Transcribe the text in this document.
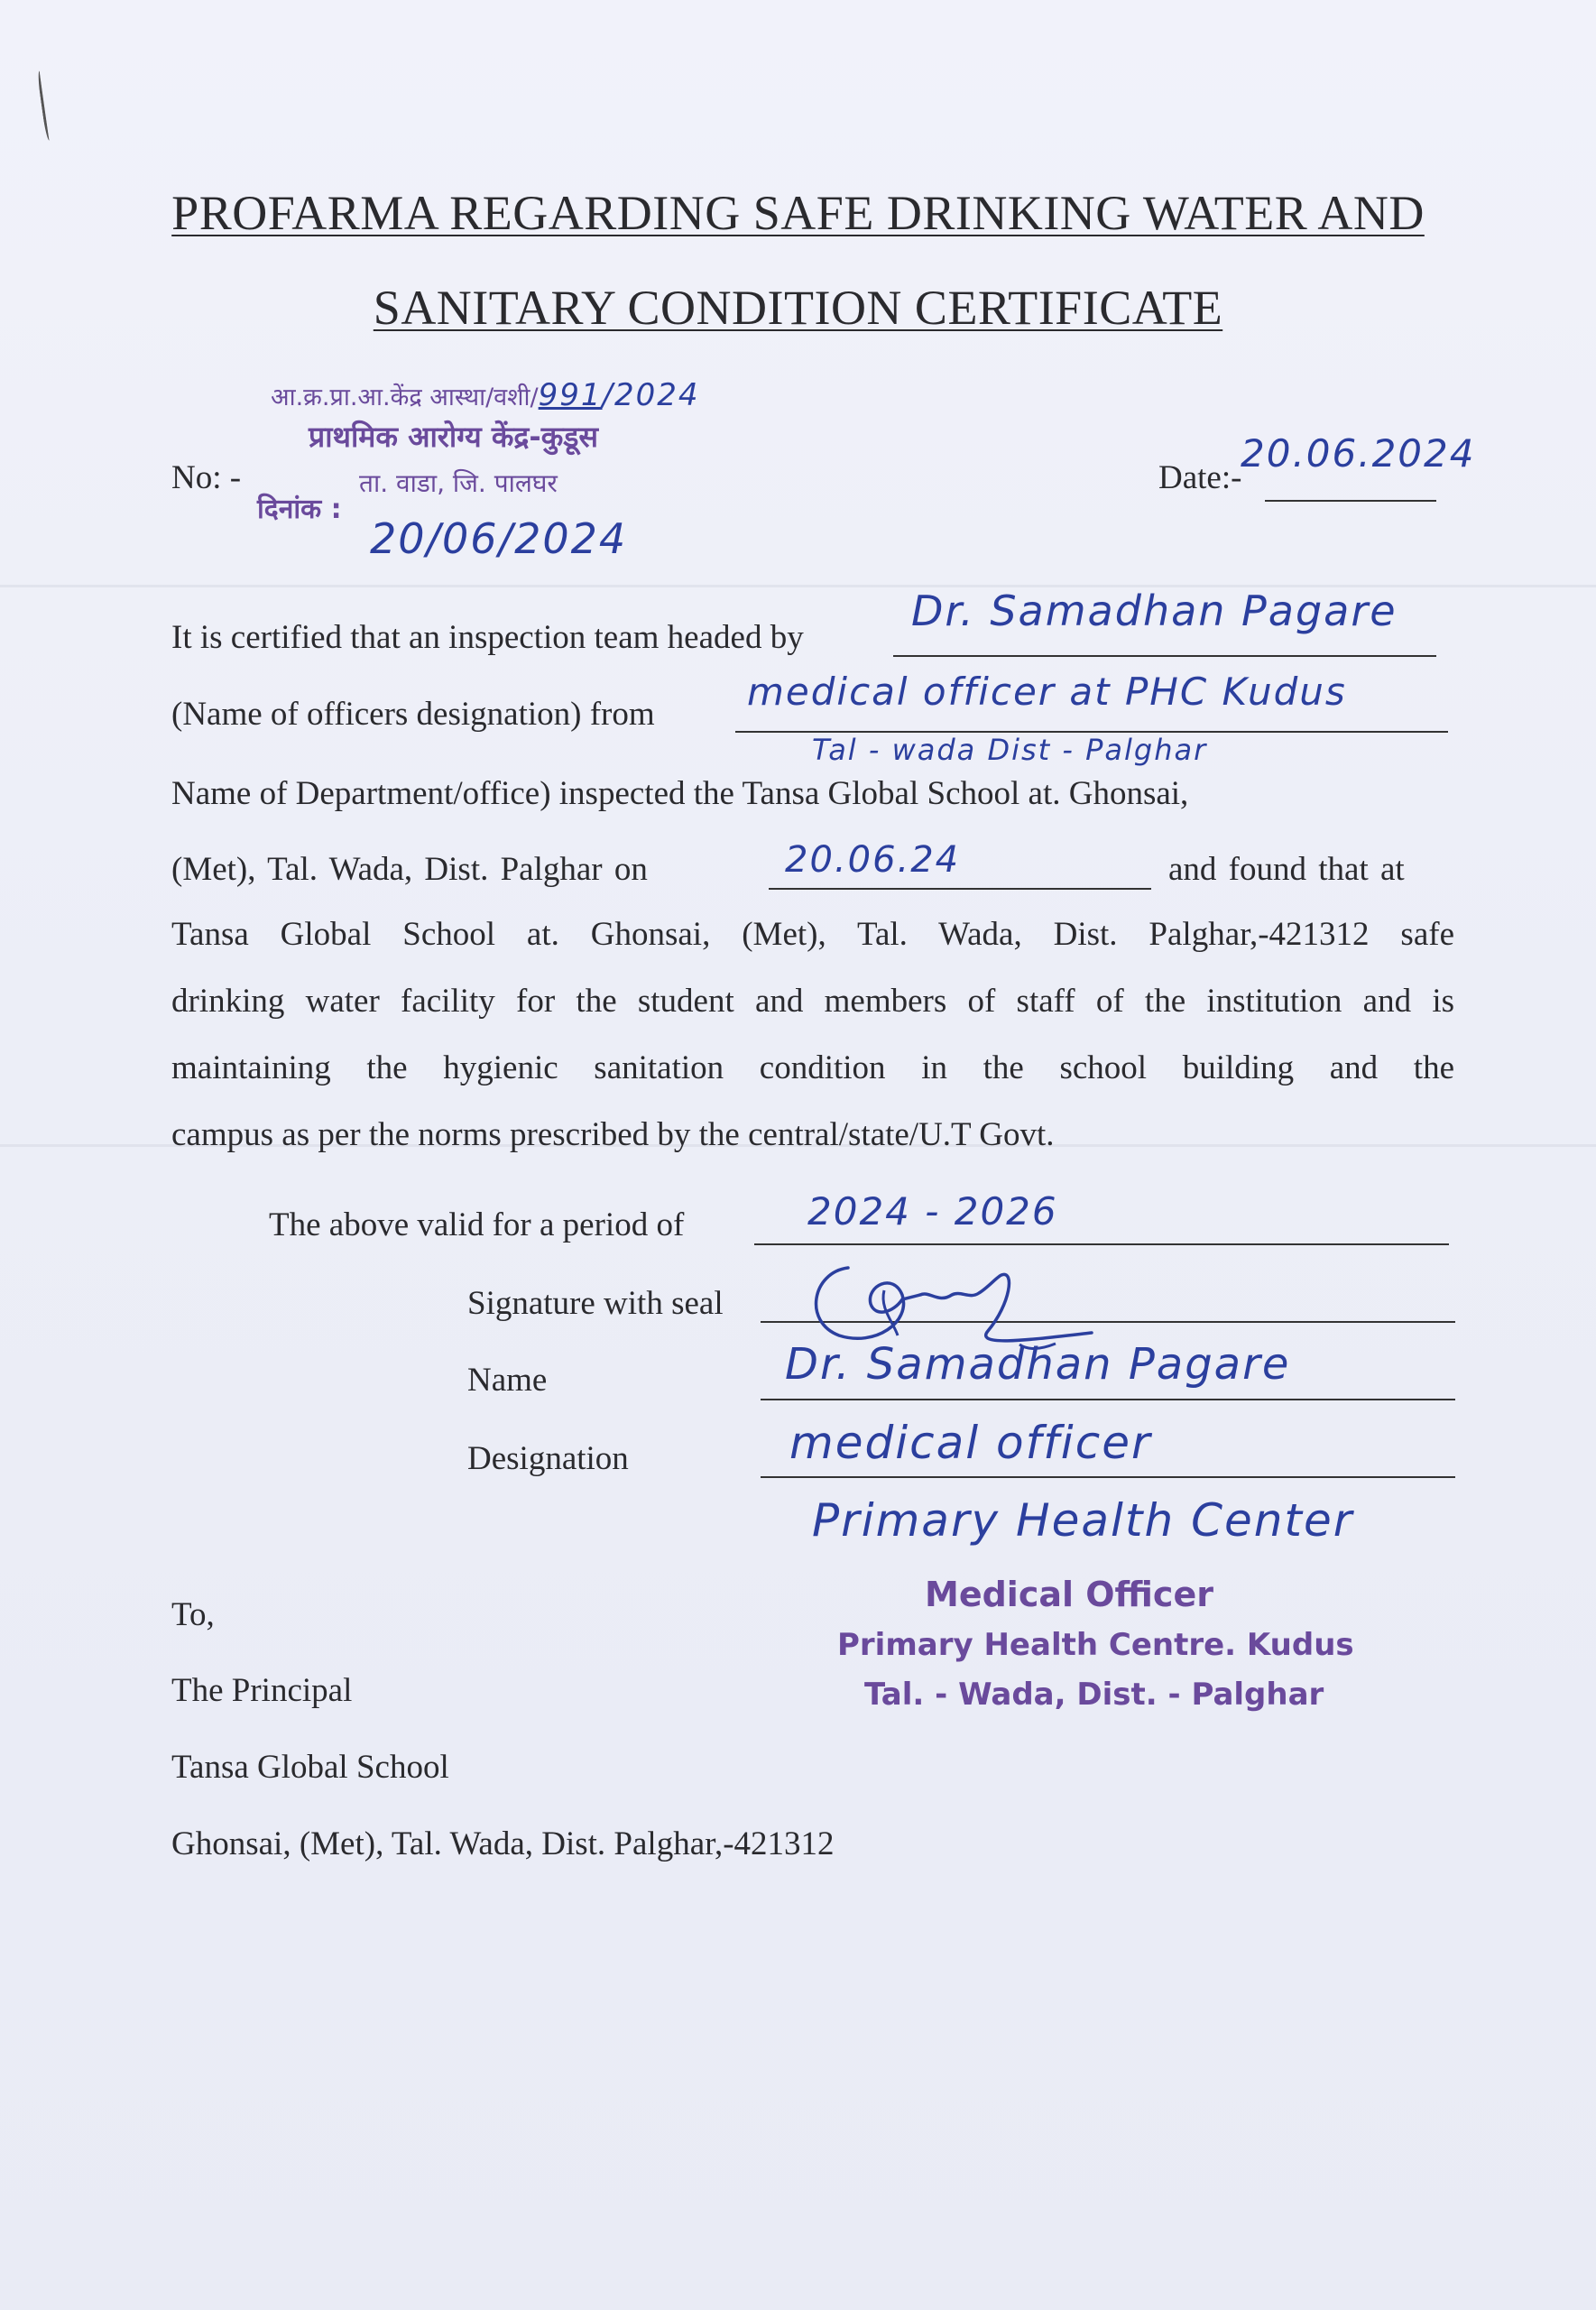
PROFARMA REGARDING SAFE DRINKING WATER AND
SANITARY CONDITION CERTIFICATE
आ.क्र.प्रा.आ.केंद्र आस्था/वशी/991/2024
प्राथमिक आरोग्य केंद्र-कुडूस
ता. वाडा, जि. पालघर
दिनांक :
20/06/2024
No: -	Date:-
20.06.2024
It is certified that an inspection team headed by
Dr. Samadhan Pagare
(Name of officers designation) from
medical officer at PHC Kudus
Tal - wada Dist - Palghar
Name of Department/office) inspected the Tansa Global School at. Ghonsai,
(Met), Tal. Wada, Dist. Palghar on	20.06.24	and found that at
Tansa Global School at. Ghonsai, (Met), Tal. Wada, Dist. Palghar,-421312 safe
drinking water facility for the student and members of staff of the institution and is
maintaining the hygienic sanitation condition in the school building and the
campus as per the norms prescribed by the central/state/U.T Govt.
The above valid for a period of	2024 - 2026
Signature with seal
Name	Dr. Samadhan Pagare
Designation	medical officer
Primary Health Center
Medical Officer
Primary Health Centre. Kudus
Tal. - Wada, Dist. - Palghar
To,
The Principal
Tansa Global School
Ghonsai, (Met), Tal. Wada, Dist. Palghar,-421312
